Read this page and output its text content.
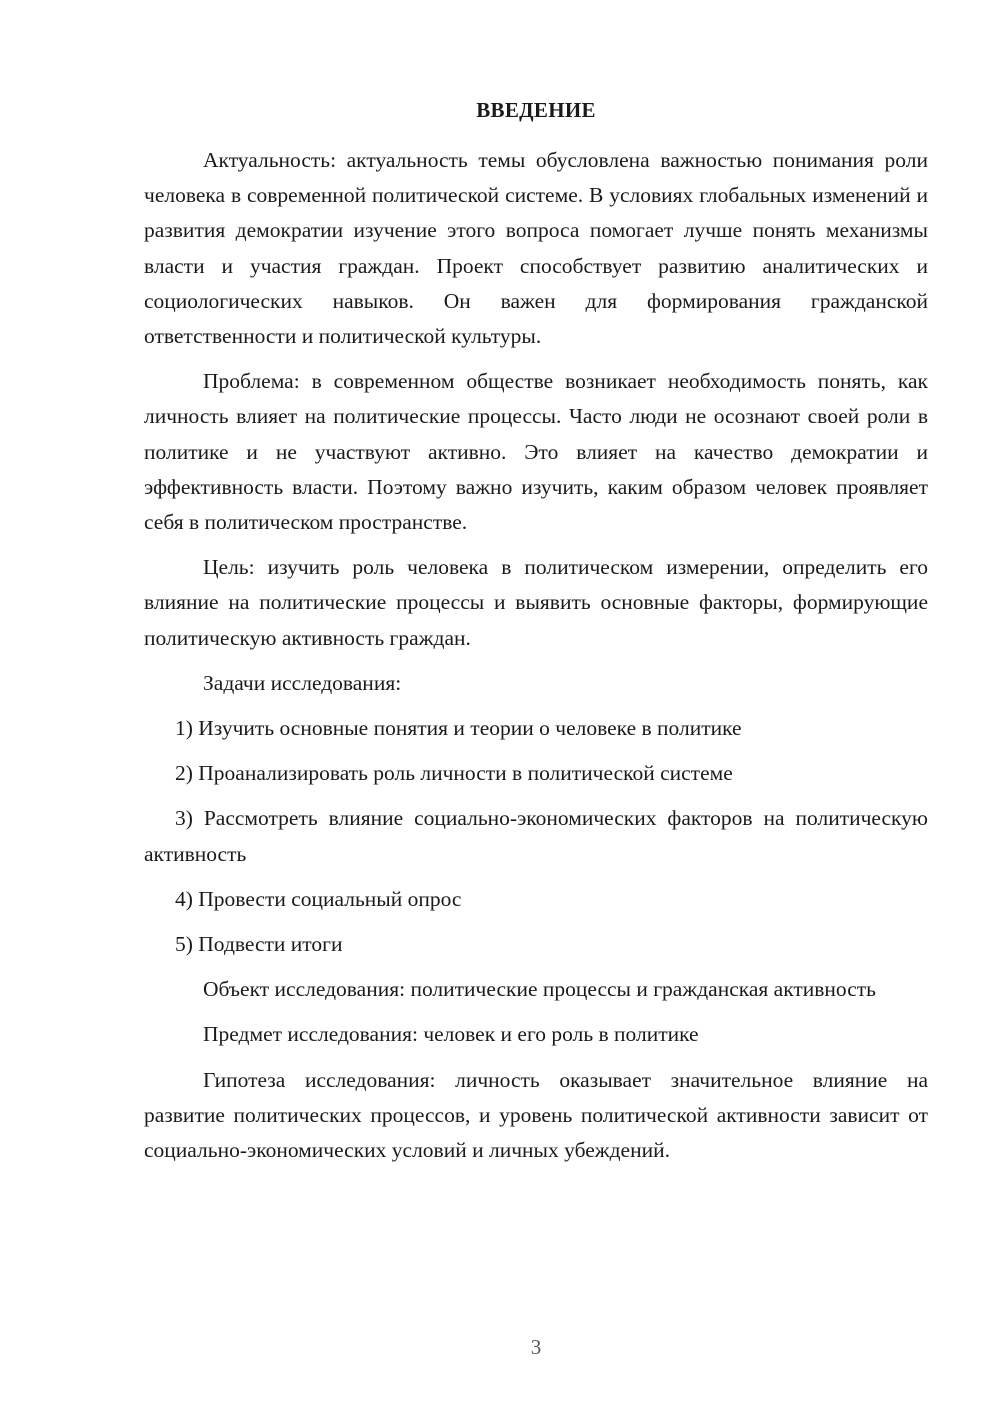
ВВЕДЕНИЕ

Актуальность: актуальность темы обусловлена важностью понимания роли человека в современной политической системе. В условиях глобальных изменений и развития демократии изучение этого вопроса помогает лучше понять механизмы власти и участия граждан. Проект способствует развитию аналитических и социологических навыков. Он важен для формирования гражданской ответственности и политической культуры.

Проблема: в современном обществе возникает необходимость понять, как личность влияет на политические процессы. Часто люди не осознают своей роли в политике и не участвуют активно. Это влияет на качество демократии и эффективность власти. Поэтому важно изучить, каким образом человек проявляет себя в политическом пространстве.

Цель: изучить роль человека в политическом измерении, определить его влияние на политические процессы и выявить основные факторы, формирующие политическую активность граждан.

Задачи исследования:

1) Изучить основные понятия и теории о человеке в политике

2) Проанализировать роль личности в политической системе

3) Рассмотреть влияние социально-экономических факторов на политическую активность

4) Провести социальный опрос

5) Подвести итоги

Объект исследования: политические процессы и гражданская активность

Предмет исследования: человек и его роль в политике

Гипотеза исследования: личность оказывает значительное влияние на развитие политических процессов, и уровень политической активности зависит от социально-экономических условий и личных убеждений.

3
